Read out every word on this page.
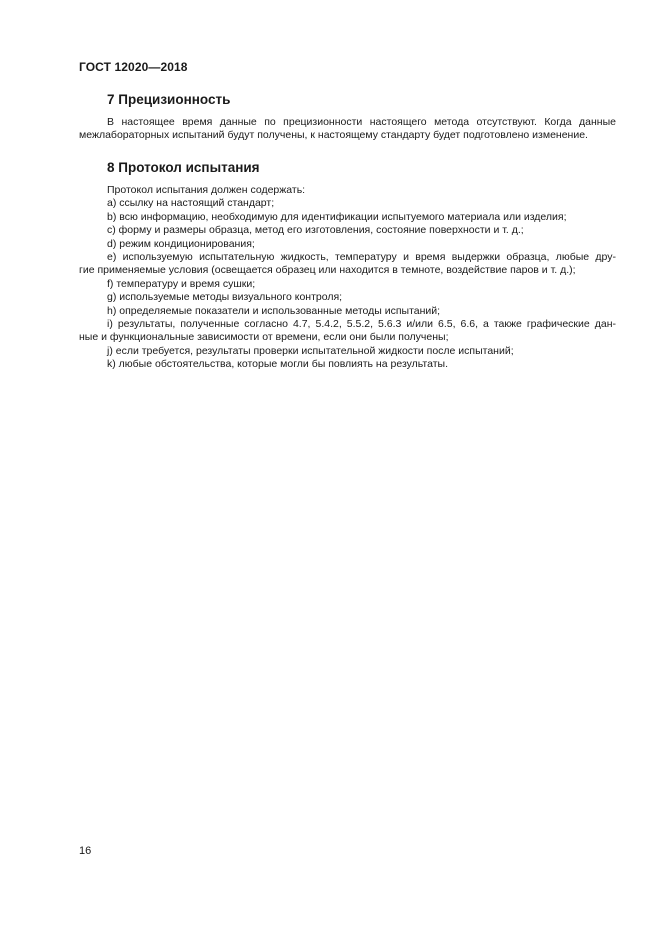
ГОСТ 12020—2018
7 Прецизионность
В настоящее время данные по прецизионности настоящего метода отсутствуют. Когда данные
межлабораторных испытаний будут получены, к настоящему стандарту будет подготовлено изменение.
8 Протокол испытания
Протокол испытания должен содержать:
а) ссылку на настоящий стандарт;
b) всю информацию, необходимую для идентификации испытуемого материала или изделия;
с) форму и размеры образца, метод его изготовления, состояние поверхности и т. д.;
d) режим кондиционирования;
е) используемую испытательную жидкость, температуру и время выдержки образца, любые дру-
гие применяемые условия (освещается образец или находится в темноте, воздействие паров и т. д.);
f) температуру и время сушки;
g) используемые методы визуального контроля;
h) определяемые показатели и использованные методы испытаний;
i) результаты, полученные согласно 4.7, 5.4.2, 5.5.2, 5.6.3 и/или 6.5, 6.6, а также графические дан-
ные и функциональные зависимости от времени, если они были получены;
j) если требуется, результаты проверки испытательной жидкости после испытаний;
k) любые обстоятельства, которые могли бы повлиять на результаты.
16
